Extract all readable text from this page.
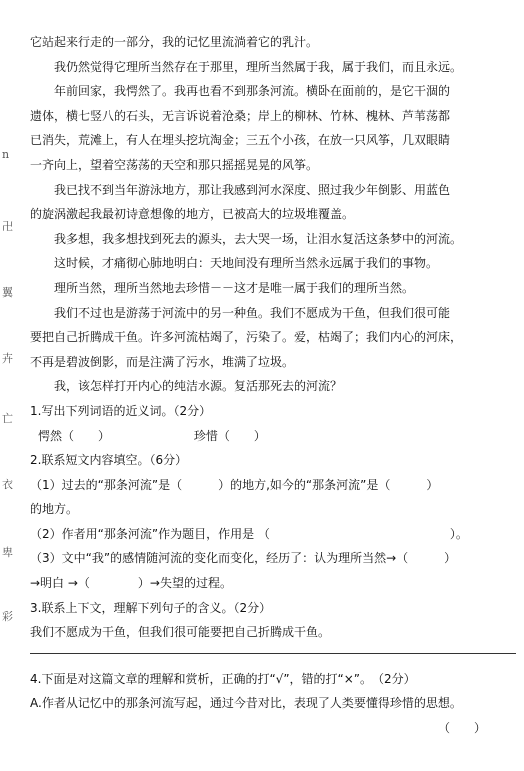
n
卍
翼
卉
亡
衣
卑
彩
它站起来行走的一部分，我的记忆里流淌着它的乳汁。
我仍然觉得它理所当然存在于那里，理所当然属于我，属于我们，而且永远。
年前回家，我愕然了。我再也看不到那条河流。横卧在面前的，是它干涸的
遗体，横七竖八的石头，无言诉说着沧桑；岸上的柳林、竹林、槐林、芦苇荡都
已消失，荒滩上，有人在埋头挖坑淘金；三五个小孩，在放一只风筝，几双眼睛
一齐向上，望着空荡荡的天空和那只摇摇晃晃的风筝。
我已找不到当年游泳地方，那让我感到河水深度、照过我少年倒影、用蓝色
的旋涡激起我最初诗意想像的地方，已被高大的垃圾堆覆盖。
我多想，我多想找到死去的源头，去大哭一场，让泪水复活这条梦中的河流。
这时候，才痛彻心肺地明白：天地间没有理所当然永远属于我们的事物。
理所当然，理所当然地去珍惜－－这才是唯一属于我们的理所当然。
我们不过也是游荡于河流中的另一种鱼。我们不愿成为干鱼，但我们很可能
要把自己折腾成干鱼。许多河流枯竭了，污染了。爱，枯竭了；我们内心的河床，
不再是碧波倒影，而是注满了污水，堆满了垃圾。
我，该怎样打开内心的纯洁水源。复活那死去的河流？
1.写出下列词语的近义词。（2分）
愕然（　　）	珍惜（　　）
2.联系短文内容填空。（6分）
（1）过去的“那条河流”是（　　　）的地方,如今的“那条河流”是（　　　）
的地方。
（2）作者用“那条河流”作为题目，作用是 （　　　　　　　　　　　　　　　）。
（3）文中“我”的感情随河流的变化而变化，经历了：认为理所当然→（　　　）
→明白 →（　　　　）→失望的过程。
3.联系上下文，理解下列句子的含义。（2分）
我们不愿成为干鱼，但我们很可能要把自己折腾成干鱼。
4.下面是对这篇文章的理解和赏析，正确的打“√”，错的打“×”。　（2分）
A.作者从记忆中的那条河流写起，通过今昔对比，表现了人类要懂得珍惜的思想。
（　　）
